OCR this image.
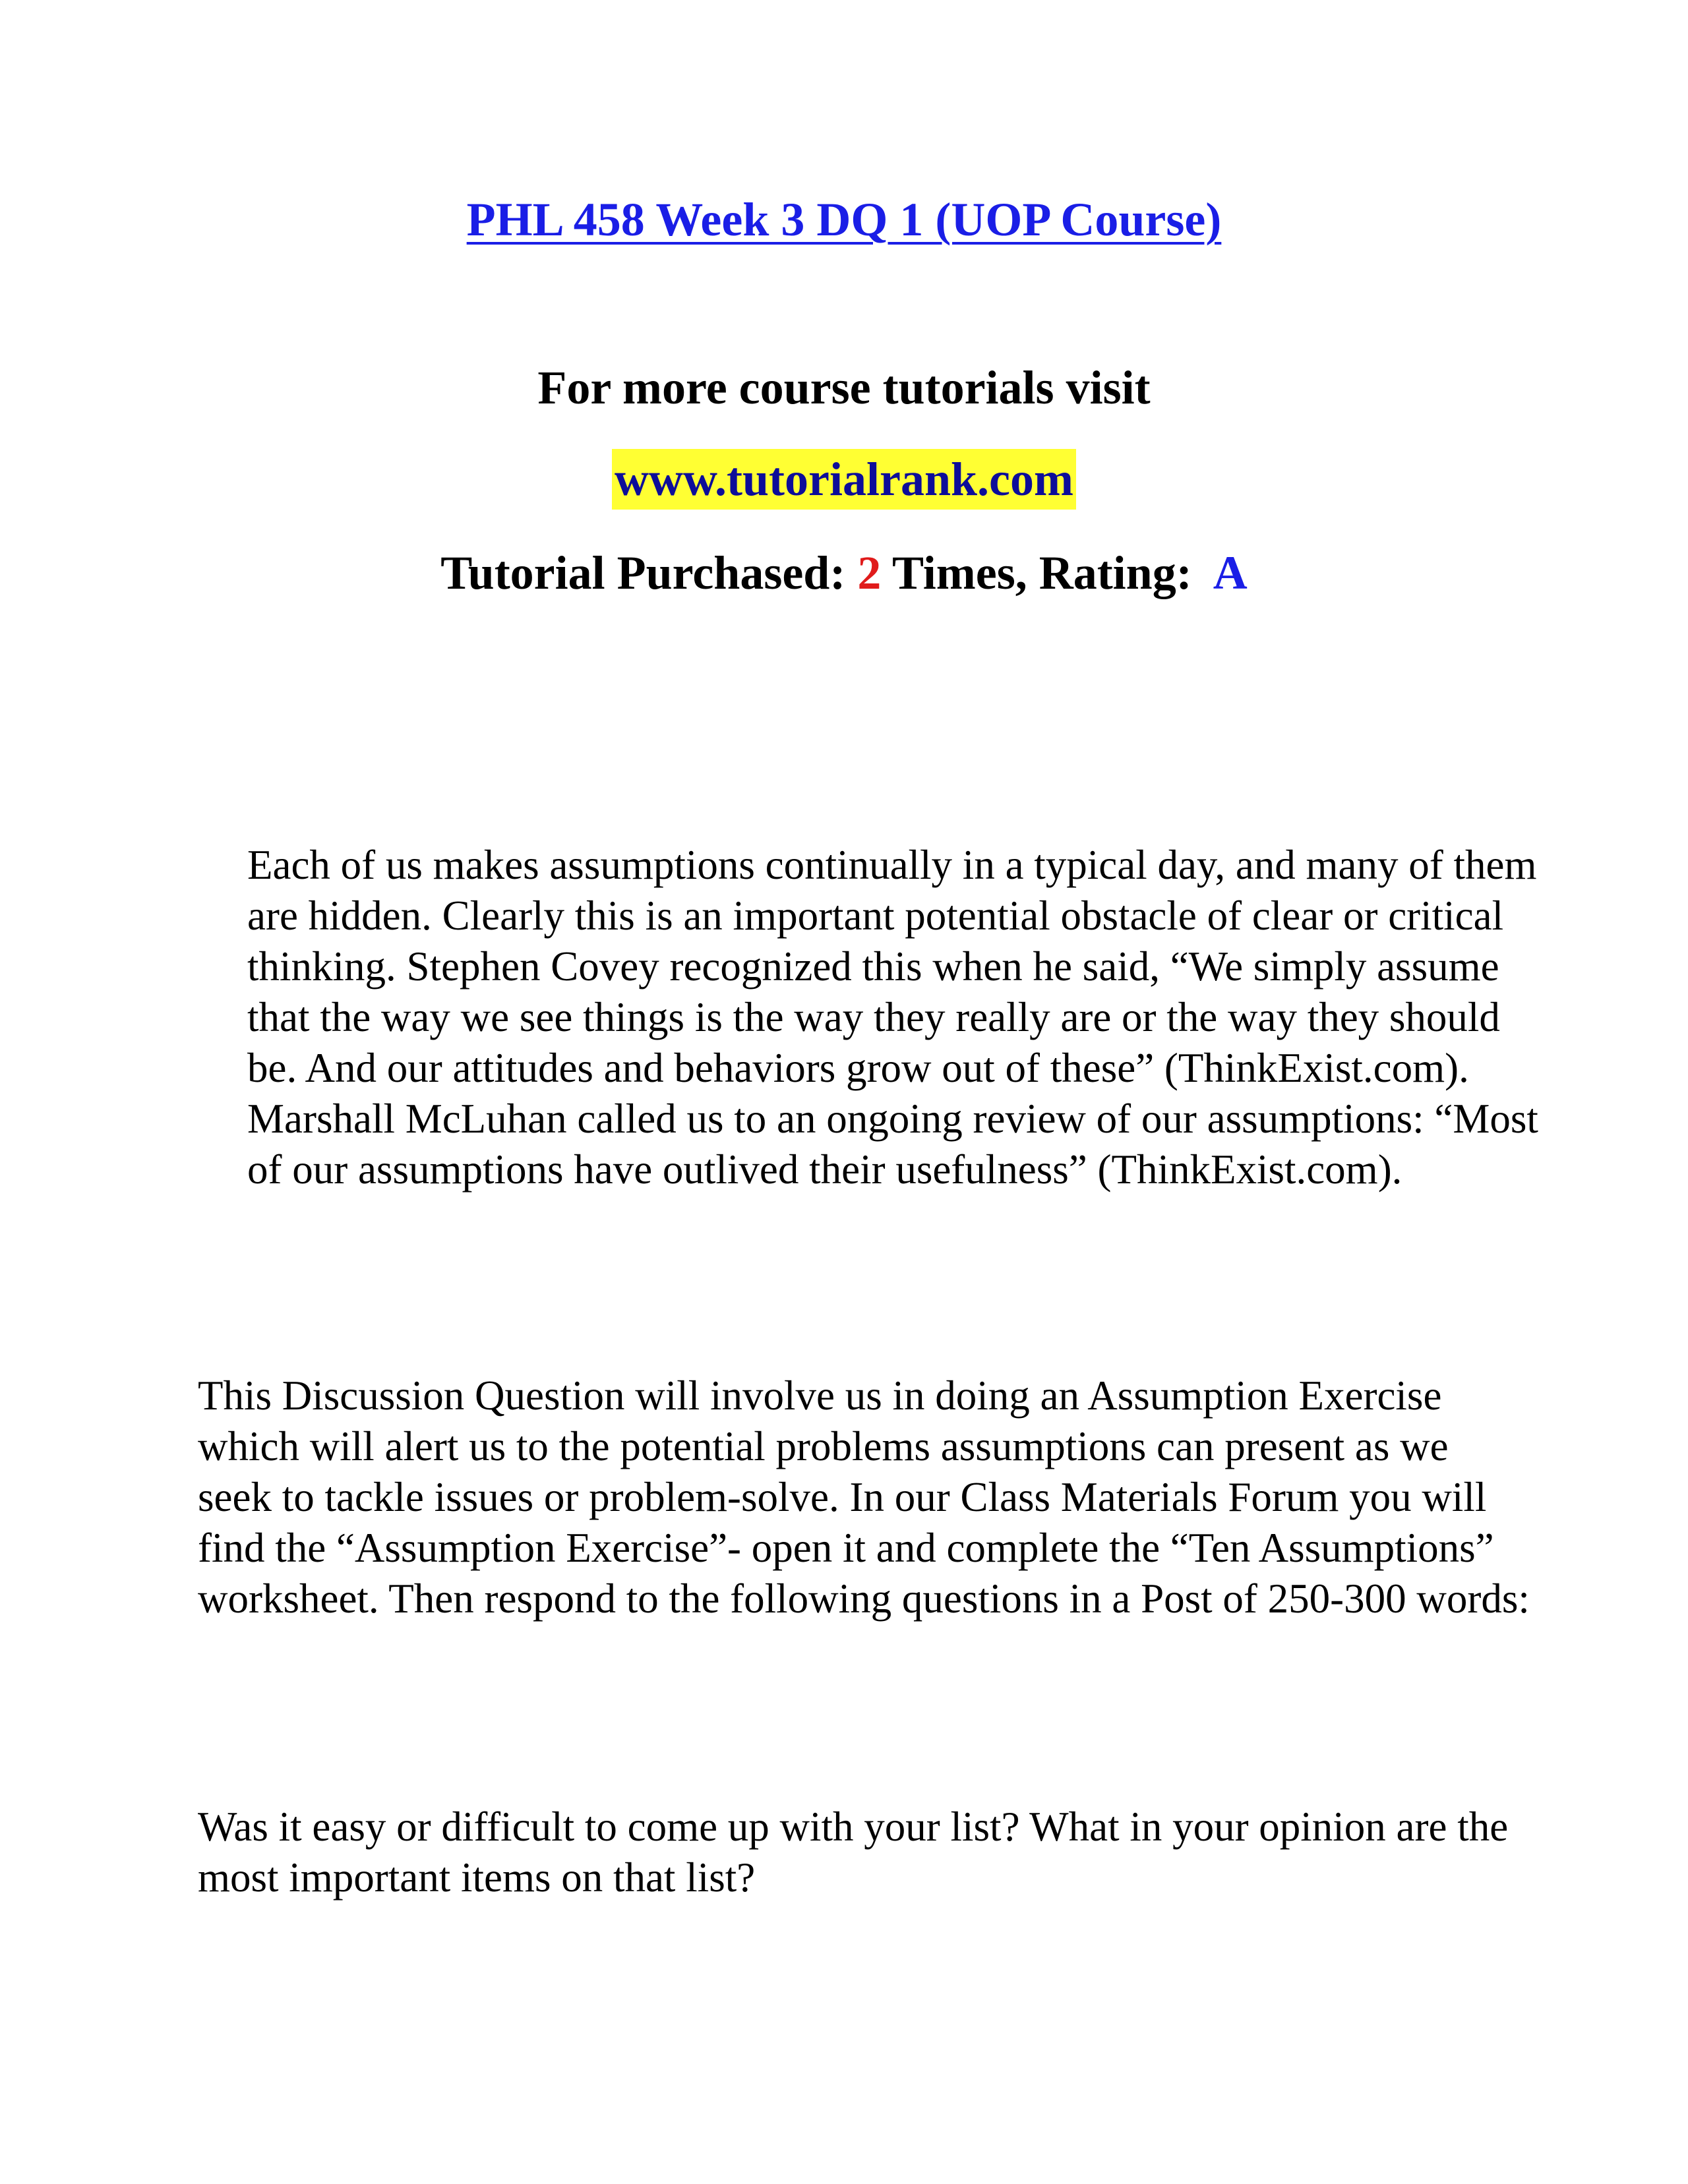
PHL 458 Week 3 DQ 1 (UOP Course)
For more course tutorials visit
www.tutorialrank.com
Tutorial Purchased: 2 Times, Rating:  A

Each of us makes assumptions continually in a typical day, and many of them are hidden. Clearly this is an important potential obstacle of clear or critical thinking. Stephen Covey recognized this when he said, “We simply assume that the way we see things is the way they really are or the way they should be. And our attitudes and behaviors grow out of these” (ThinkExist.com). Marshall McLuhan called us to an ongoing review of our assumptions: “Most of our assumptions have outlived their usefulness” (ThinkExist.com).

This Discussion Question will involve us in doing an Assumption Exercise which will alert us to the potential problems assumptions can present as we seek to tackle issues or problem-solve. In our Class Materials Forum you will find the “Assumption Exercise”- open it and complete the “Ten Assumptions” worksheet. Then respond to the following questions in a Post of 250-300 words:

Was it easy or difficult to come up with your list? What in your opinion are the most important items on that list?
